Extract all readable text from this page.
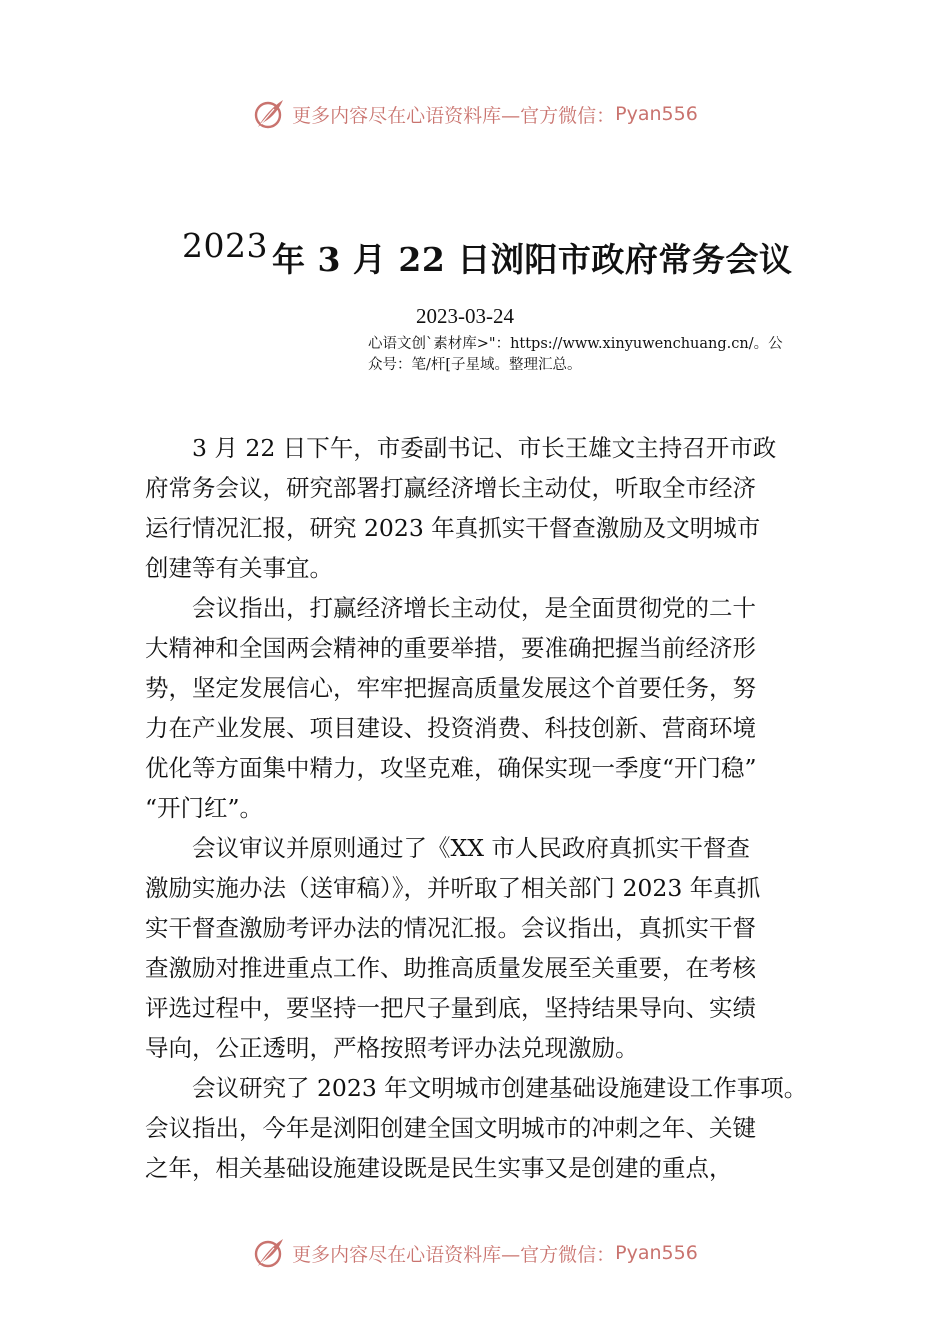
更多内容尽在心语资料库—官方微信： Pyan556
2023 年 3 月 22 日浏阳市政府常务会议
2023-03-24
心语文创`素材库>"：https://www.xinyuwenchuang.cn/。公
众号：笔/杆[子星域。整理汇总。

3 月 22 日下午，市委副书记、市长王雄文主持召开市政
府常务会议，研究部署打赢经济增长主动仗，听取全市经济
运行情况汇报，研究 2023 年真抓实干督查激励及文明城市
创建等有关事宜。

会议指出，打赢经济增长主动仗，是全面贯彻党的二十
大精神和全国两会精神的重要举措，要准确把握当前经济形
势，坚定发展信心，牢牢把握高质量发展这个首要任务，努
力在产业发展、项目建设、投资消费、科技创新、营商环境
优化等方面集中精力，攻坚克难，确保实现一季度“开门稳”
“开门红”。

会议审议并原则通过了《XX 市人民政府真抓实干督查
激励实施办法（送审稿）》，并听取了相关部门 2023 年真抓
实干督查激励考评办法的情况汇报。会议指出，真抓实干督
查激励对推进重点工作、助推高质量发展至关重要，在考核
评选过程中，要坚持一把尺子量到底，坚持结果导向、实绩
导向，公正透明，严格按照考评办法兑现激励。

会议研究了 2023 年文明城市创建基础设施建设工作事项。
会议指出，今年是浏阳创建全国文明城市的冲刺之年、关键
之年，相关基础设施建设既是民生实事又是创建的重点，

更多内容尽在心语资料库—官方微信： Pyan556
